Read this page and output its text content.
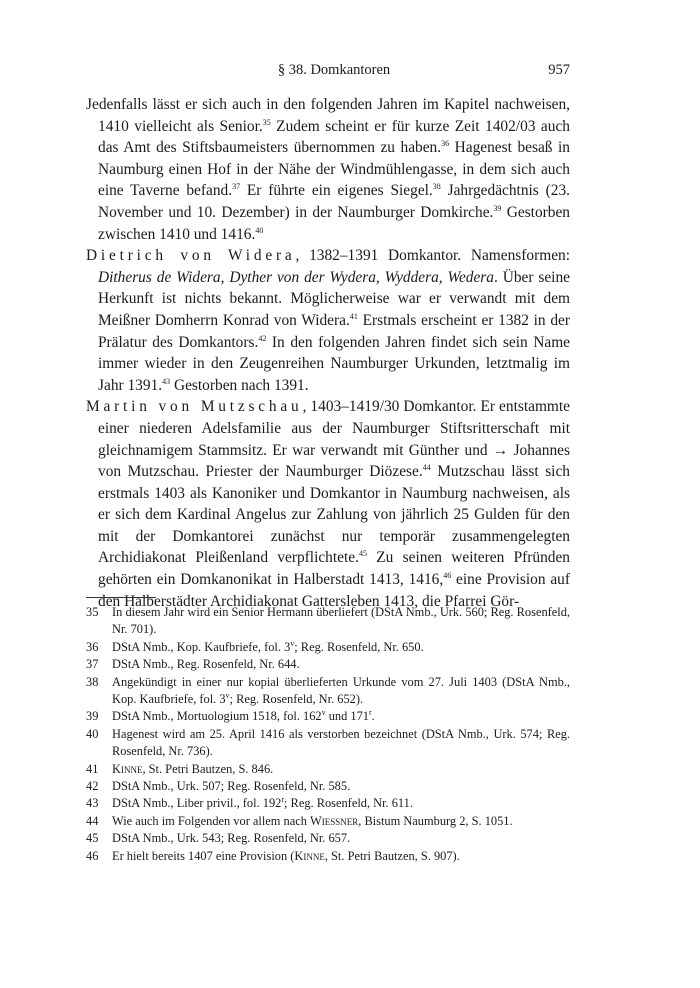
§ 38. Domkantoren	957

Jedenfalls lässt er sich auch in den folgenden Jahren im Kapitel nachweisen, 1410 vielleicht als Senior.$^{35}$ Zudem scheint er für kurze Zeit 1402/03 auch das Amt des Stiftsbaumeisters übernommen zu haben.$^{36}$ Hagenest besaß in Naumburg einen Hof in der Nähe der Windmühlengasse, in dem sich auch eine Taverne befand.$^{37}$ Er führte ein eigenes Siegel.$^{38}$ Jahrgedächtnis (23. November und 10. Dezember) in der Naumburger Domkirche.$^{39}$ Gestorben zwischen 1410 und 1416.40

Dietrich von Widera, 1382–1391 Domkantor. Namensformen: Ditherus de Widera, Dyther von der Wydera, Wyddera, Wedera. Über seine Herkunft ist nichts bekannt. Möglicherweise war er verwandt mit dem Meißner Domherrn Konrad von Widera.$^{41}$ Erstmals erscheint er 1382 in der Prälatur des Domkantors.$^{42}$ In den folgenden Jahren findet sich sein Name immer wieder in den Zeugenreihen Naumburger Urkunden, letztmalig im Jahr 1391.43 Gestorben nach 1391.

Martin von Mutzschau, 1403–1419/30 Domkantor. Er entstammte einer niederen Adelsfamilie aus der Naumburger Stiftsritterschaft mit gleichnamigem Stammsitz. Er war verwandt mit Günther und → Johannes von Mutzschau. Priester der Naumburger Diözese.$^{44}$ Mutzschau lässt sich erstmals 1403 als Kanoniker und Domkantor in Naumburg nachweisen, als er sich dem Kardinal Angelus zur Zahlung von jährlich 25 Gulden für den mit der Domkantorei zunächst nur temporär zusammengelegten Archidiakonat Pleißenland verpflichtete.$^{45}$ Zu seinen weiteren Pfründen gehörten ein Domkanonikat in Halberstadt 1413, 1416,46 eine Provision auf den Halberstädter Archidiakonat Gattersleben 1413, die Pfarrei Gör-

35 In diesem Jahr wird ein Senior Hermann überliefert (DStA Nmb., Urk. 560; Reg. Rosenfeld, Nr. 701).
36 DStA Nmb., Kop. Kaufbriefe, fol. 3$^v$; Reg. Rosenfeld, Nr. 650.
37 DStA Nmb., Reg. Rosenfeld, Nr. 644.
38 Angekündigt in einer nur kopial überlieferten Urkunde vom 27. Juli 1403 (DStA Nmb., Kop. Kaufbriefe, fol. 3$^v$; Reg. Rosenfeld, Nr. 652).
39 DStA Nmb., Mortuologium 1518, fol. 162$^v$ und 171$^r$.
40 Hagenest wird am 25. April 1416 als verstorben bezeichnet (DStA Nmb., Urk. 574; Reg. Rosenfeld, Nr. 736).
41 Kinne, St. Petri Bautzen, S. 846.
42 DStA Nmb., Urk. 507; Reg. Rosenfeld, Nr. 585.
43 DStA Nmb., Liber privil., fol. 192$^r$; Reg. Rosenfeld, Nr. 611.
44 Wie auch im Folgenden vor allem nach Wiessner, Bistum Naumburg 2, S. 1051.
45 DStA Nmb., Urk. 543; Reg. Rosenfeld, Nr. 657.
46 Er hielt bereits 1407 eine Provision (Kinne, St. Petri Bautzen, S. 907).
